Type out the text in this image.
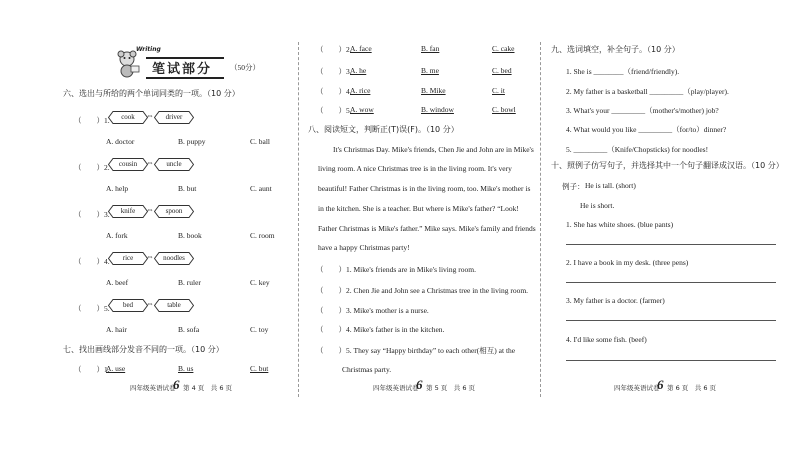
Writing
笔试部分 （50分）
六、选出与所给的两个单词同类的一项。（10 分）
（　　）1.	cook	⇔	driver
A. doctor	B. puppy	C. ball
（　　）2.	cousin	⇔	uncle
A. help	B. but	C. aunt
（　　）3.	knife	⇔	spoon
A. fork	B. book	C. room
（　　）4.	rice	⇔	noodles
A. beef	B. ruler	C. key
（　　）5.	bed	⇔	table
A. hair	B. sofa	C. toy
七、找出画线部分发音不同的一项。（10 分）
（　　）1.
A. use	B. us	C. but
四年级英语试卷
6 第 4 页　共 6 页
（　　）2.
A. face	B. fan	C. cake
（　　）3.
A. he	B. me	C. bed
（　　）4.
A. rice	B. Mike	C. it
（　　）5.
A. wow	B. window	C. bowl
八、阅读短文，判断正(T)误(F)。（10 分）
　　It's Christmas Day. Mike's friends, Chen Jie and John are in Mike's
living room. A nice Christmas tree is in the living room. It's very
beautiful! Father Christmas is in the living room, too. Mike's mother is
in the kitchen. She is a teacher. But where is Mike's father? “Look!
Father Christmas is Mike's father.” Mike says. Mike's family and friends
have a happy Christmas party!
（　　）1. Mike's friends are in Mike's living room.
（　　）2. Chen Jie and John see a Christmas tree in the living room.
（　　）3. Mike's mother is a nurse.
（　　）4. Mike's father is in the kitchen.
（　　）5. They say “Happy birthday” to each other(相互) at the
Christmas party.
四年级英语试卷
6 第 5 页　共 6 页
九、选词填空，补全句子。（10 分）
1. She is ________（friend/friendly).
2. My father is a basketball _________（play/player).
3. What's your _________（mother's/mother) job?
4. What would you like _________（for/to）dinner?
5. _________（Knife/Chopsticks) for noodles!
十、照例子仿写句子，并选择其中一个句子翻译成汉语。（10 分）
例子： He is tall. (short)
He is short.
1. She has white shoes. (blue pants)
2. I have a book in my desk. (three pens)
3. My father is a doctor. (farmer)
4. I'd like some fish. (beef)
四年级英语试卷
6 第 6 页　共 6 页
